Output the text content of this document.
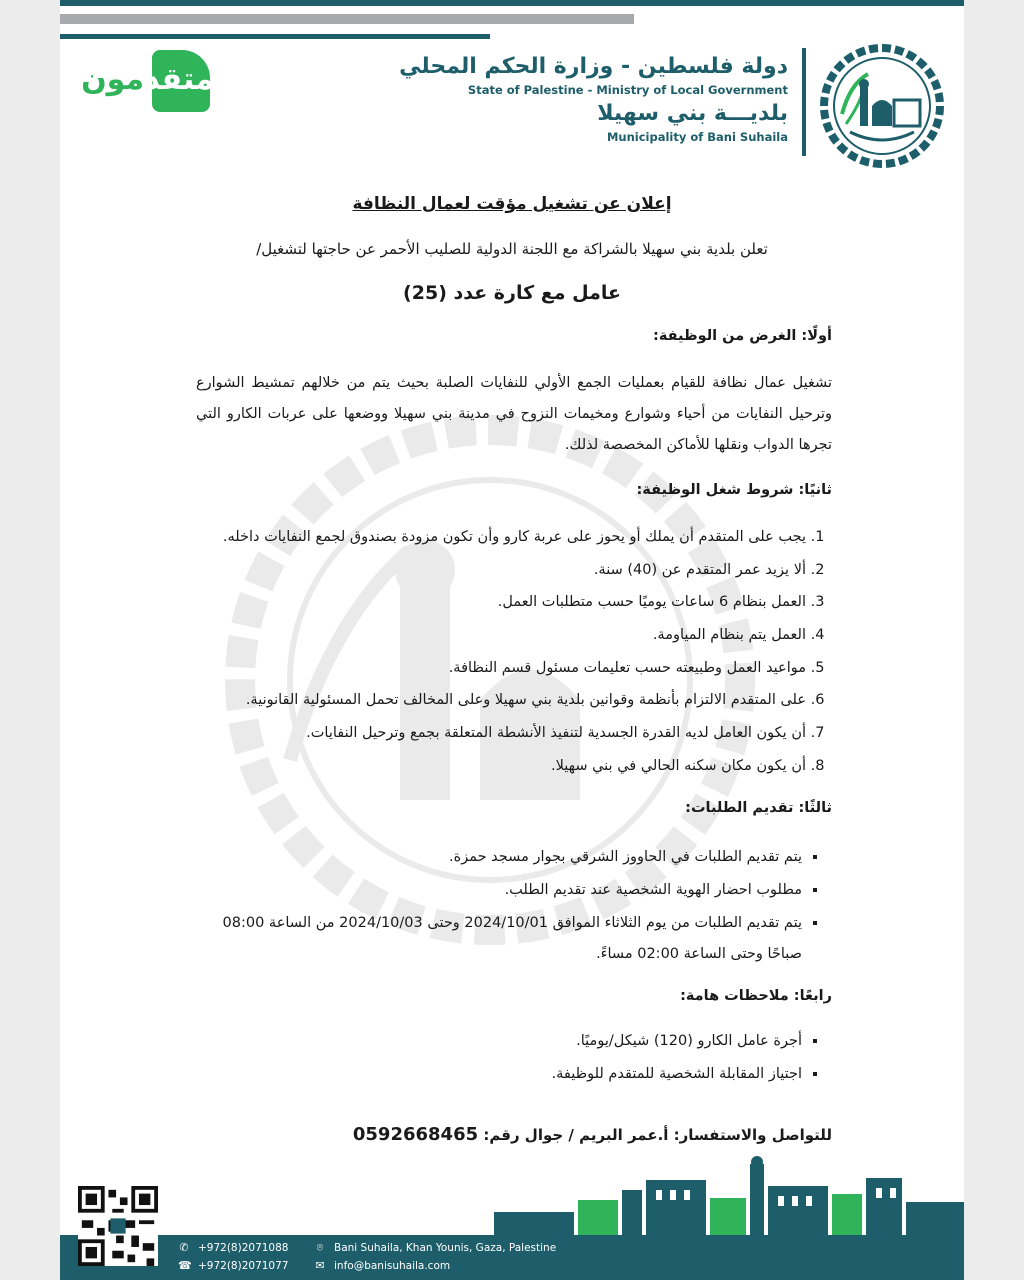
المتقدمون	دولة فلسطين - وزارة الحكم المحلي
State of Palestine - Ministry of Local Government
بلديـــة بني سهيلا
Municipality of Bani Suhaila
إعلان عن تشغيل مؤقت لعمال النظافة
تعلن بلدية بني سهيلا بالشراكة مع اللجنة الدولية للصليب الأحمر عن حاجتها لتشغيل/
عامل مع كارة عدد (25)
أولًا: الغرض من الوظيفة:
تشغيل عمال نظافة للقيام بعمليات الجمع الأولي للنفايات الصلبة بحيث يتم من خلالهم تمشيط الشوارع وترحيل النفايات من أحياء وشوارع ومخيمات النزوح في مدينة بني سهيلا ووضعها على عربات الكارو التي تجرها الدواب ونقلها للأماكن المخصصة لذلك.
ثانيًا: شروط شغل الوظيفة:
1. يجب على المتقدم أن يملك أو يحوز على عربة كارو وأن تكون مزودة بصندوق لجمع النفايات داخله.
2. ألا يزيد عمر المتقدم عن (40) سنة.
3. العمل بنظام 6 ساعات يوميًا حسب متطلبات العمل.
4. العمل يتم بنظام المياومة.
5. مواعيد العمل وطبيعته حسب تعليمات مسئول قسم النظافة.
6. على المتقدم الالتزام بأنظمة وقوانين بلدية بني سهيلا وعلى المخالف تحمل المسئولية القانونية.
7. أن يكون العامل لديه القدرة الجسدية لتنفيذ الأنشطة المتعلقة بجمع وترحيل النفايات.
8. أن يكون مكان سكنه الحالي في بني سهيلا.
ثالثًا: تقديم الطلبات:
▪ يتم تقديم الطلبات في الحاووز الشرقي بجوار مسجد حمزة.
▪ مطلوب احضار الهوية الشخصية عند تقديم الطلب.
▪ يتم تقديم الطلبات من يوم الثلاثاء الموافق 2024/10/01 وحتى 2024/10/03 من الساعة 08:00 صباحًا وحتى الساعة 02:00 مساءً.
رابعًا: ملاحظات هامة:
▪ أجرة عامل الكارو (120) شيكل/يوميًا.
▪ اجتياز المقابلة الشخصية للمتقدم للوظيفة.
للتواصل والاستفسار: أ.عمر البريم / جوال رقم: 0592668465
✆ +972(8)2071088
☎ +972(8)2071077
⌾ Bani Suhaila, Khan Younis, Gaza, Palestine
✉ info@banisuhaila.com
